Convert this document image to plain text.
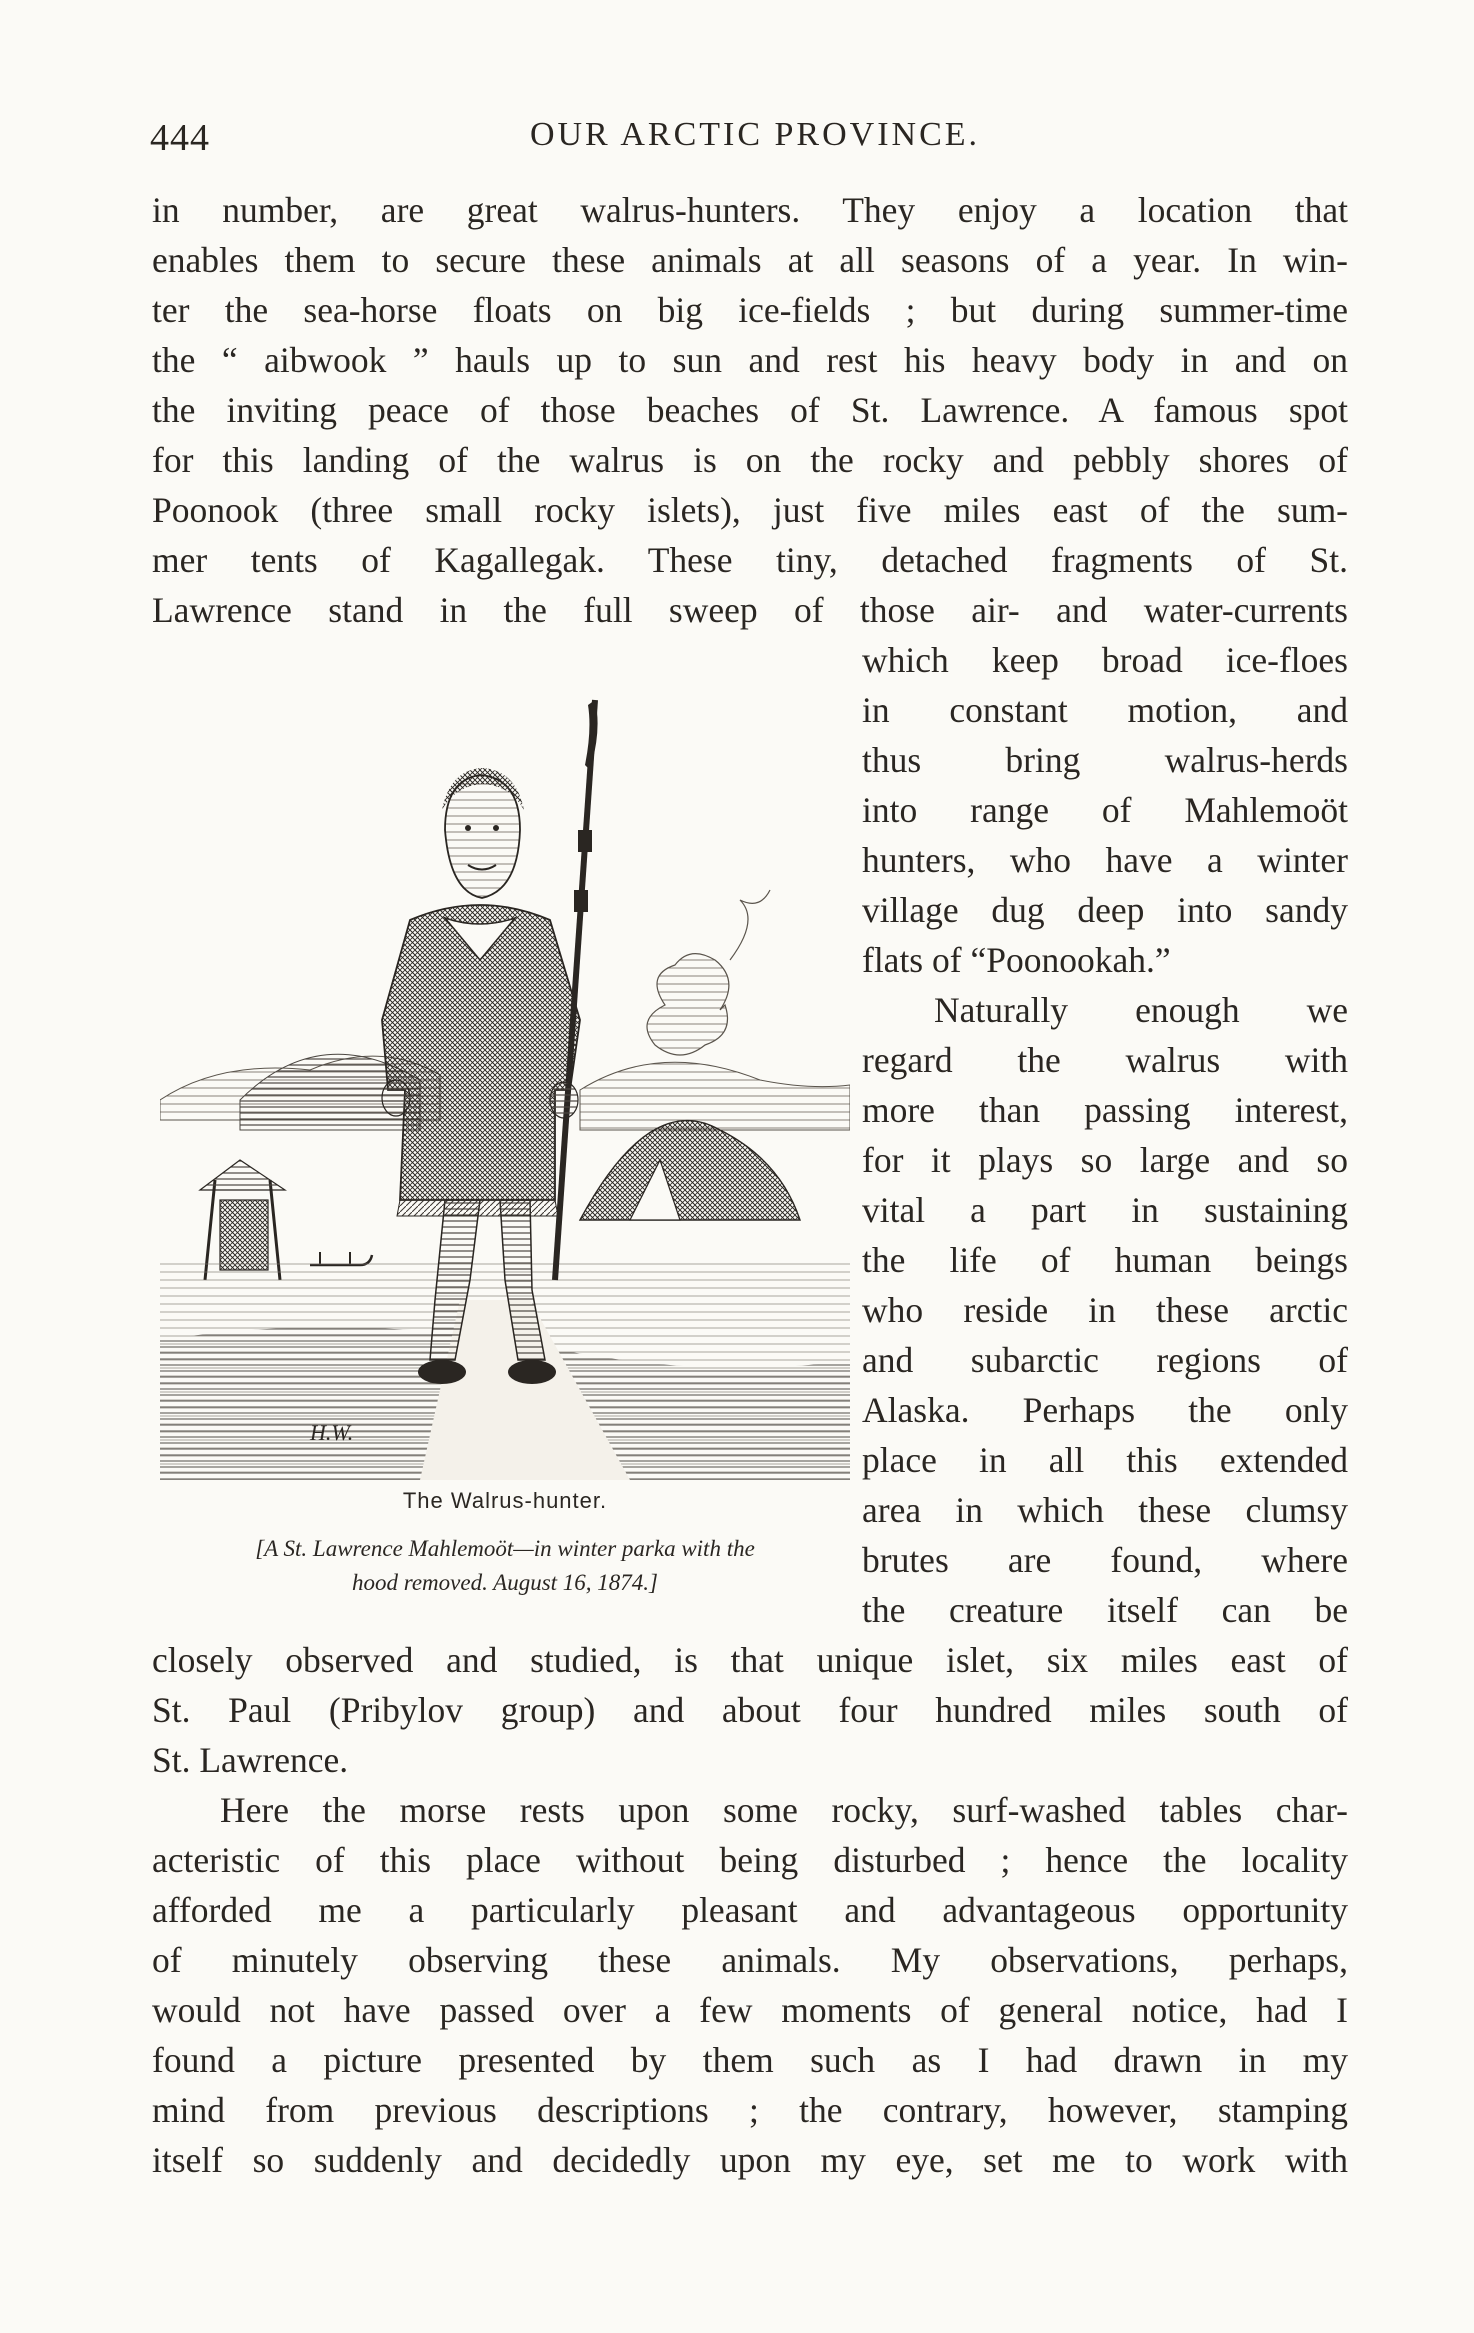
444	OUR ARCTIC PROVINCE.
in number, are great walrus-hunters. They enjoy a location that
enables them to secure these animals at all seasons of a year. In win-
ter the sea-horse floats on big ice-fields ; but during summer-time
the “ aibwook ” hauls up to sun and rest his heavy body in and on
the inviting peace of those beaches of St. Lawrence. A famous spot
for this landing of the walrus is on the rocky and pebbly shores of
Poonook (three small rocky islets), just five miles east of the sum-
mer tents of Kagallegak. These tiny, detached fragments of St.
Lawrence stand in the full sweep of those air- and water-currents
which keep broad ice-floes
in constant motion, and
thus bring walrus-herds
into range of Mahlemoöt
hunters, who have a winter
village dug deep into sandy
flats of “Poonookah.”
Naturally enough we
regard the walrus with
more than passing interest,
for it plays so large and so
vital a part in sustaining
the life of human beings
who reside in these arctic
and subarctic regions of
Alaska. Perhaps the only
place in all this extended
area in which these clumsy
brutes are found, where
the creature itself can be
closely observed and studied, is that unique islet, six miles east of
St. Paul (Pribylov group) and about four hundred miles south of
St. Lawrence.
Here the morse rests upon some rocky, surf-washed tables char-
acteristic of this place without being disturbed ; hence the locality
afforded me a particularly pleasant and advantageous opportunity
of minutely observing these animals. My observations, perhaps,
would not have passed over a few moments of general notice, had I
found a picture presented by them such as I had drawn in my
mind from previous descriptions ; the contrary, however, stamping
itself so suddenly and decidedly upon my eye, set me to work with
H.W.
The Walrus-hunter.
[A St. Lawrence Mahlemoöt—in winter parka with the
hood removed. August 16, 1874.]
